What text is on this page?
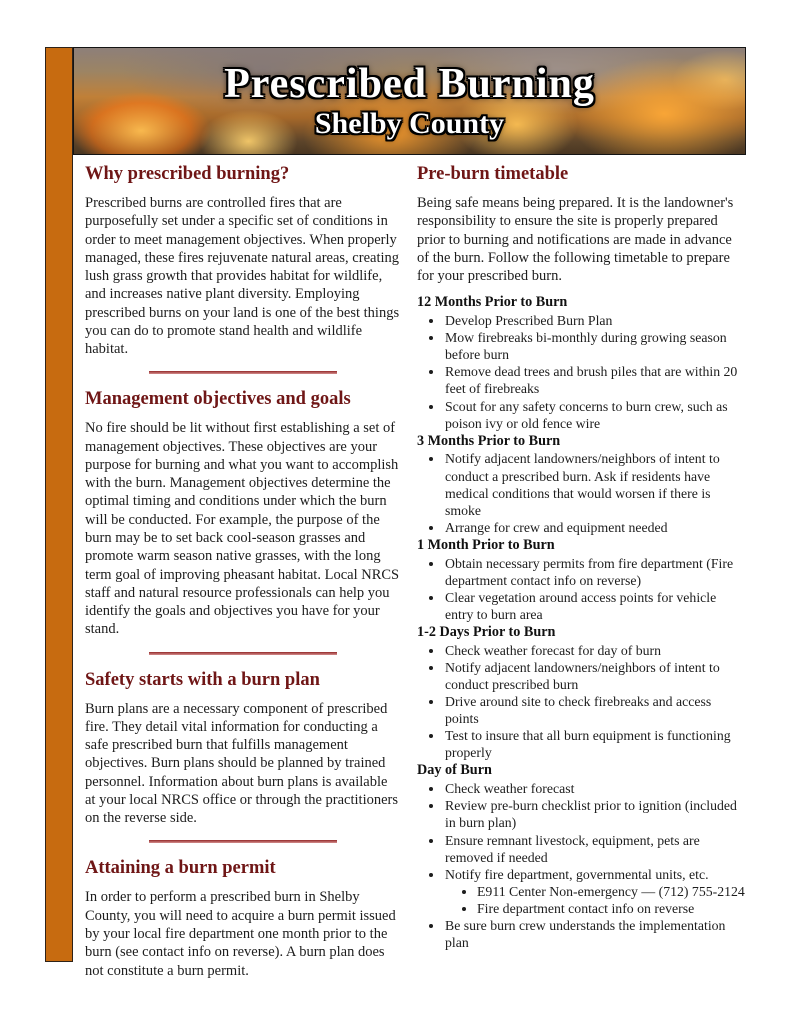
Prescribed Burning
Shelby County
Why prescribed burning?

Prescribed burns are controlled fires that are purposefully set under a specific set of conditions in order to meet management objectives. When properly managed, these fires rejuvenate natural areas, creating lush grass growth that provides habitat for wildlife, and increases native plant diversity. Employing prescribed burns on your land is one of the best things you can do to promote stand health and wildlife habitat.

Management objectives and goals

No fire should be lit without first establishing a set of management objectives. These objectives are your purpose for burning and what you want to accomplish with the burn. Management objectives determine the optimal timing and conditions under which the burn will be conducted. For example, the purpose of the burn may be to set back cool-season grasses and promote warm season native grasses, with the long term goal of improving pheasant habitat. Local NRCS staff and natural resource professionals can help you identify the goals and objectives you have for your stand.

Safety starts with a burn plan

Burn plans are a necessary component of prescribed fire. They detail vital information for conducting a safe prescribed burn that fulfills management objectives. Burn plans should be planned by trained personnel. Information about burn plans is available at your local NRCS office or through the practitioners on the reverse side.

Attaining a burn permit

In order to perform a prescribed burn in Shelby County, you will need to acquire a burn permit issued by your local fire department one month prior to the burn (see contact info on reverse). A burn plan does not constitute a burn permit.

Pre-burn timetable

Being safe means being prepared. It is the landowner's responsibility to ensure the site is properly prepared prior to burning and notifications are made in advance of the burn. Follow the following timetable to prepare for your prescribed burn.

12 Months Prior to Burn

• Develop Prescribed Burn Plan
• Mow firebreaks bi-monthly during growing season before burn
• Remove dead trees and brush piles that are within 20 feet of firebreaks
• Scout for any safety concerns to burn crew, such as poison ivy or old fence wire

3 Months Prior to Burn

• Notify adjacent landowners/neighbors of intent to conduct a prescribed burn. Ask if residents have medical conditions that would worsen if there is smoke
• Arrange for crew and equipment needed

1 Month Prior to Burn

• Obtain necessary permits from fire department (Fire department contact info on reverse)
• Clear vegetation around access points for vehicle entry to burn area

1-2 Days Prior to Burn

• Check weather forecast for day of burn
• Notify adjacent landowners/neighbors of intent to conduct prescribed burn
• Drive around site to check firebreaks and access points
• Test to insure that all burn equipment is functioning properly

Day of Burn

• Check weather forecast
• Review pre-burn checklist prior to ignition (included in burn plan)
• Ensure remnant livestock, equipment, pets are removed if needed
• Notify fire department, governmental units, etc.
• E911 Center Non-emergency — (712) 755-2124
• Fire department contact info on reverse
• Be sure burn crew understands the implementation plan
